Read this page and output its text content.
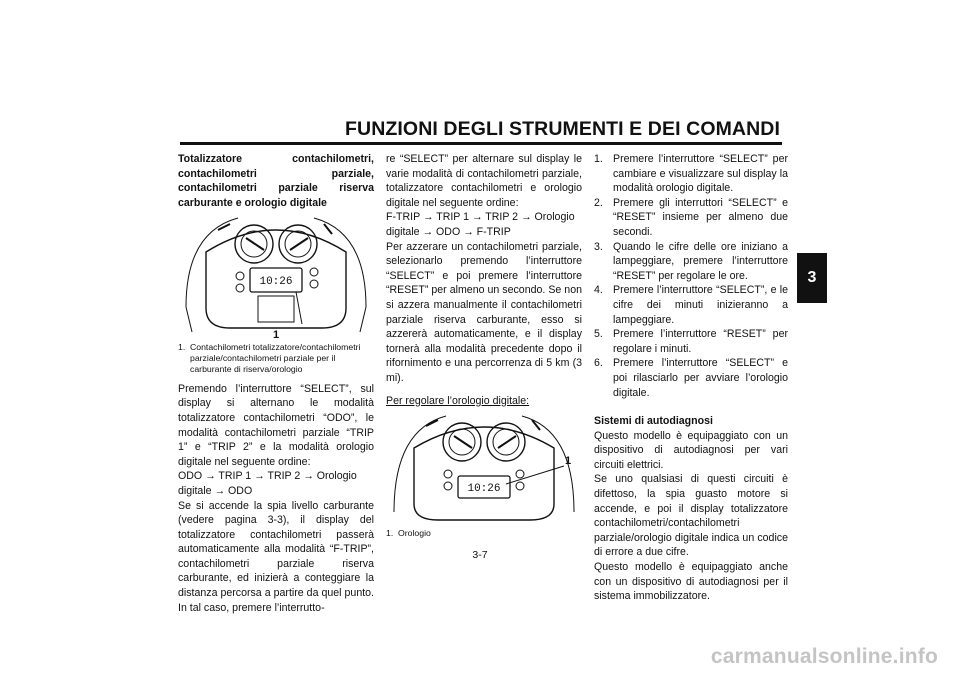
FUNZIONI DEGLI STRUMENTI E DEI COMANDI
3

Totalizzatore contachilometri, contachilometri parziale, contachilometri parziale riserva carburante e orologio digitale

10:26
1
1. Contachilometri totalizzatore/contachilometri parziale/contachilometri parziale per il carburante di riserva/orologio

Premendo l’interruttore “SELECT”, sul display si alternano le modalità totalizzatore contachilometri “ODO”, le modalità contachilometri parziale “TRIP 1” e “TRIP 2” e la modalità orologio digitale nel seguente ordine:

ODO → TRIP 1 → TRIP 2 → Orologio digitale → ODO

Se si accende la spia livello carburante (vedere pagina 3-3), il display del totalizzatore contachilometri passerà automaticamente alla modalità “F-TRIP”, contachilometri parziale riserva carburante, ed inizierà a conteggiare la distanza percorsa a partire da quel punto. In tal caso, premere l’interrutto-

re “SELECT” per alternare sul display le varie modalità di contachilometri parziale, totalizzatore contachilometri e orologio digitale nel seguente ordine:

F-TRIP → TRIP 1 → TRIP 2 → Orologio digitale → ODO → F-TRIP

Per azzerare un contachilometri parziale, selezionarlo premendo l’interruttore “SELECT” e poi premere l’interruttore “RESET” per almeno un secondo. Se non si azzera manualmente il contachilometri parziale riserva carburante, esso si azzererà automaticamente, e il display tornerà alla modalità precedente dopo il rifornimento e una percorrenza di 5 km (3 mi).

Per regolare l’orologio digitale:

10:26
1
1. Orologio
1. Premere l’interruttore “SELECT” per cambiare e visualizzare sul display la modalità orologio digitale.
2. Premere gli interruttori “SELECT” e “RESET” insieme per almeno due secondi.
3. Quando le cifre delle ore iniziano a lampeggiare, premere l’interruttore “RESET” per regolare le ore.
4. Premere l’interruttore “SELECT”, e le cifre dei minuti inizieranno a lampeggiare.
5. Premere l’interruttore “RESET” per regolare i minuti.
6. Premere l’interruttore “SELECT” e poi rilasciarlo per avviare l’orologio digitale.

Sistemi di autodiagnosi

Questo modello è equipaggiato con un dispositivo di autodiagnosi per vari circuiti elettrici.

Se uno qualsiasi di questi circuiti è difettoso, la spia guasto motore si accende, e poi il display totalizzatore contachilometri/contachilometri parziale/orologio digitale indica un codice di errore a due cifre.

Questo modello è equipaggiato anche con un dispositivo di autodiagnosi per il sistema immobilizzatore.

3-7
carmanualsonline.info
